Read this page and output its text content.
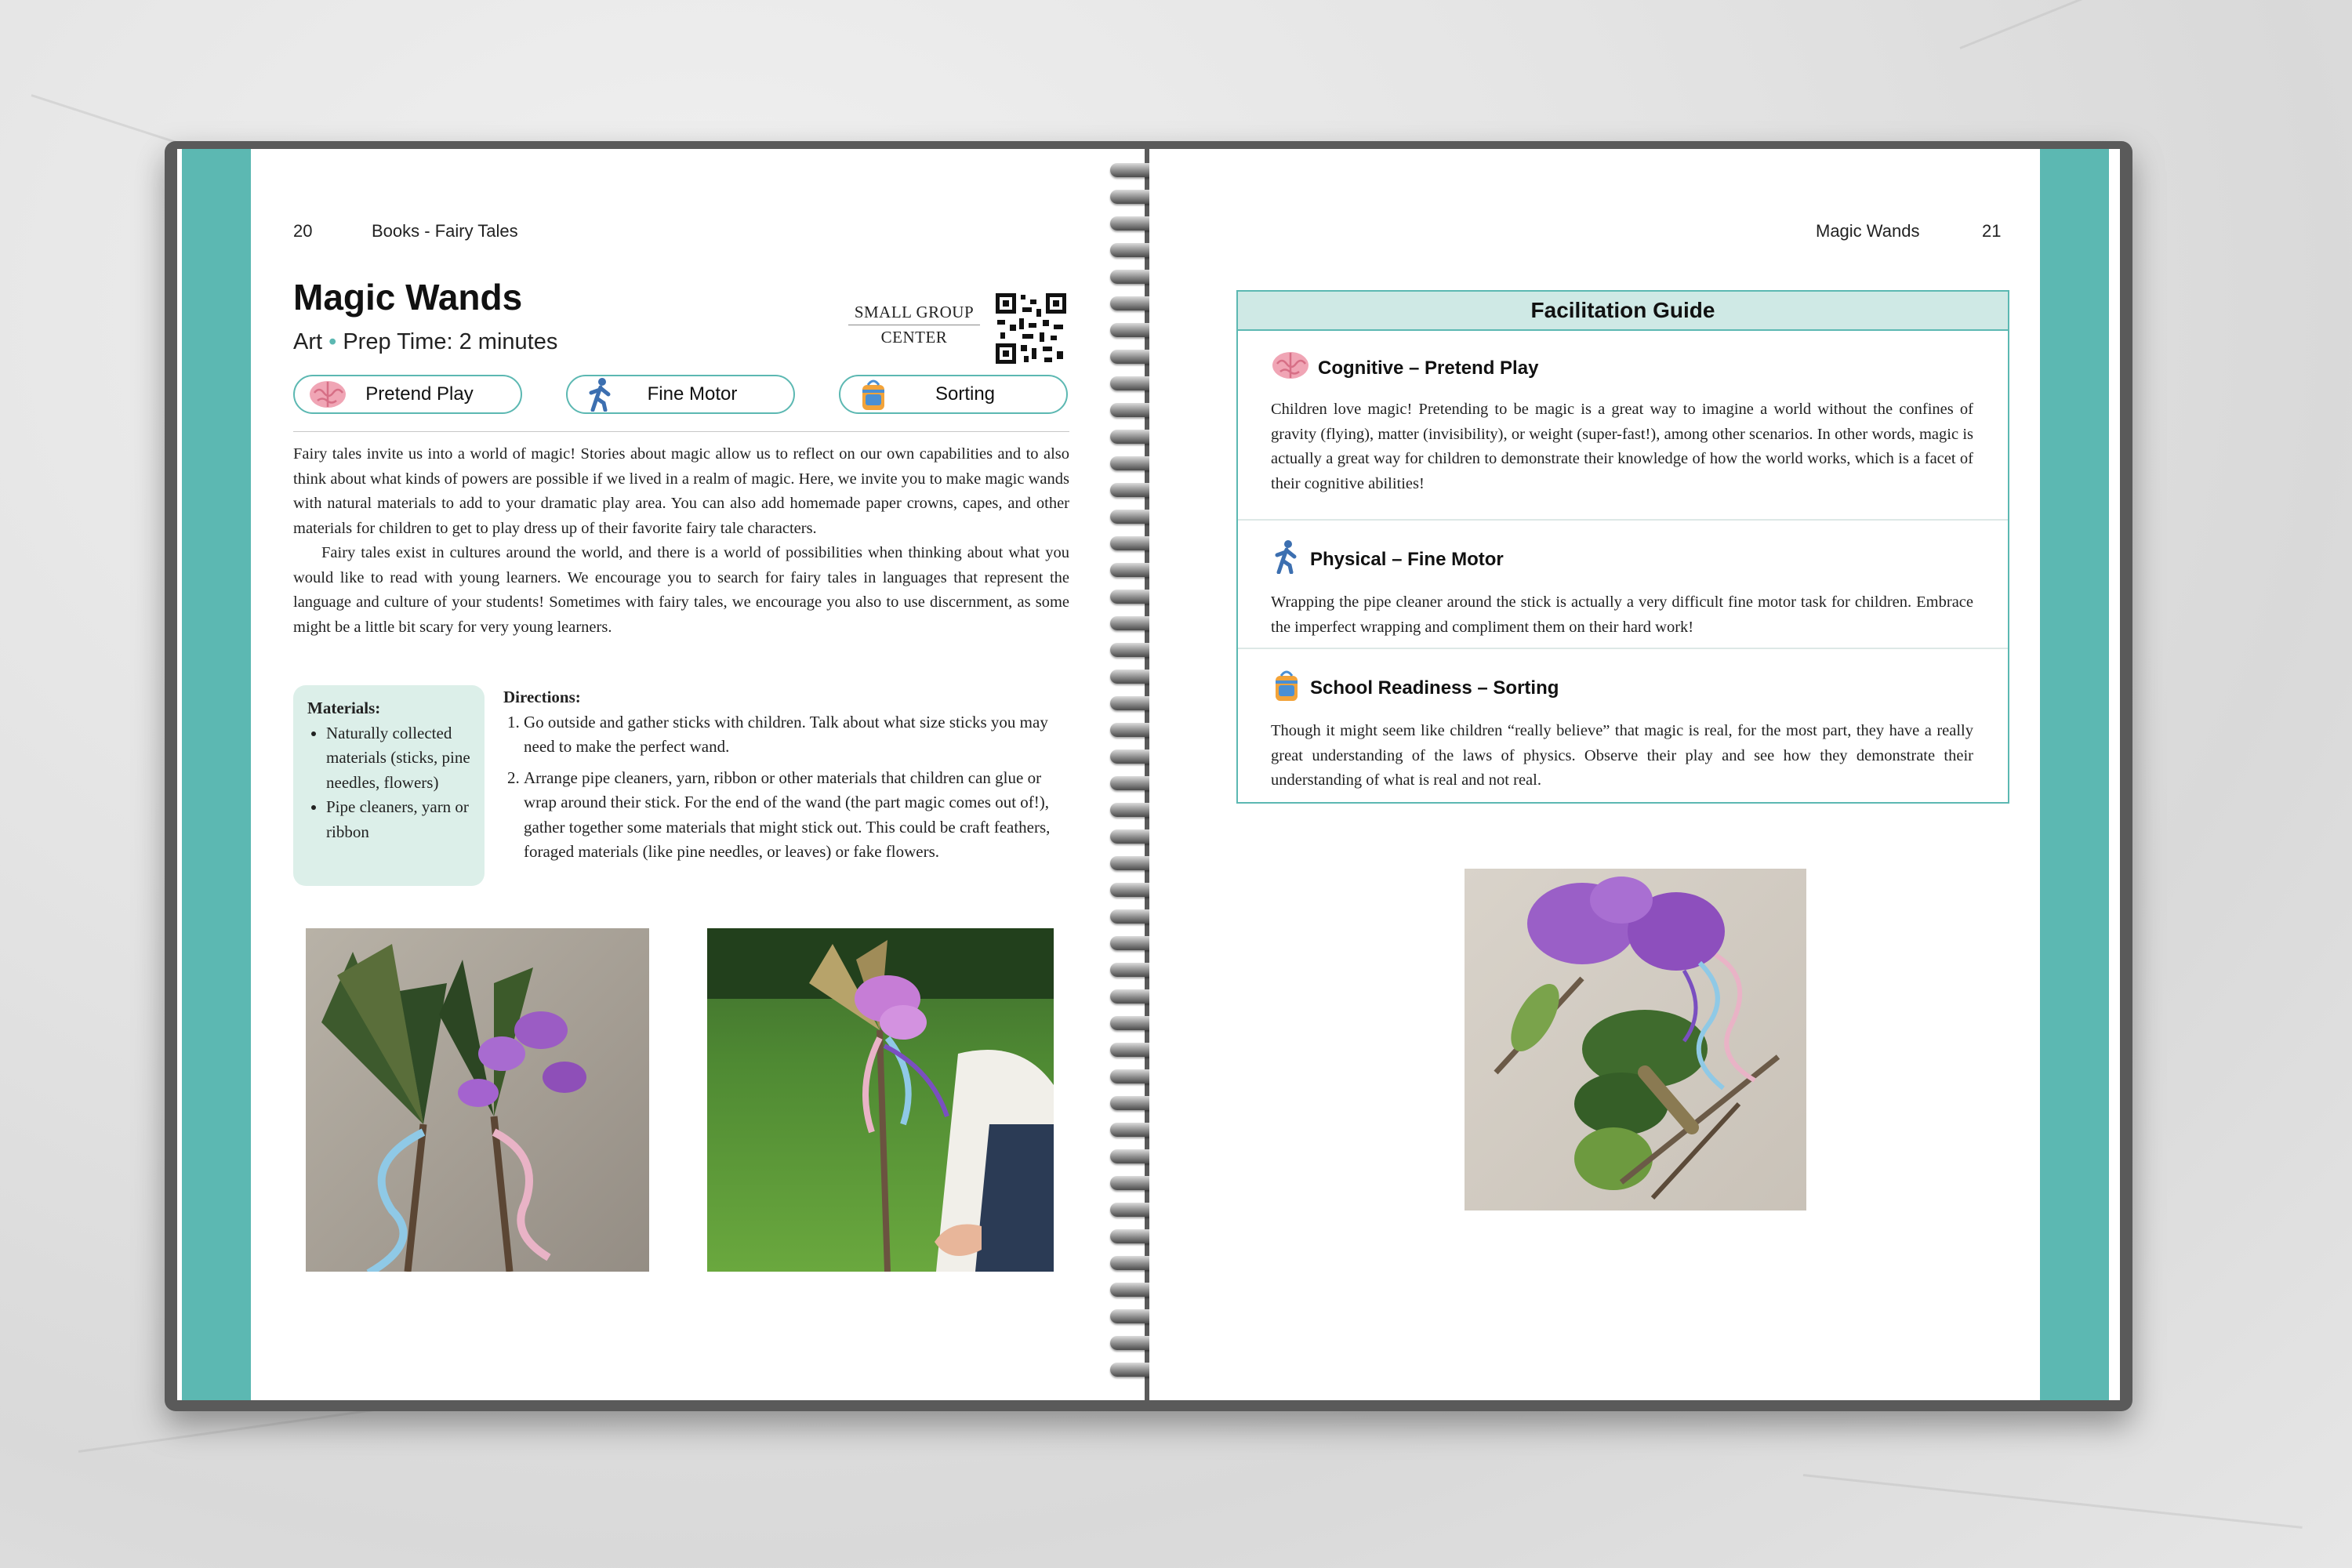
20	Books - Fairy Tales
Magic Wands
Art • Prep Time: 2 minutes
SMALL GROUP
CENTER
Pretend Play	Fine Motor	Sorting

Fairy tales invite us into a world of magic! Stories about magic allow us to reflect on our own capabilities and to also think about what kinds of powers are possible if we lived in a realm of magic. Here, we invite you to make magic wands with natural materials to add to your dramatic play area. You can also add homemade paper crowns, capes, and other materials for children to get to play dress up of their favorite fairy tale characters.

Fairy tales exist in cultures around the world, and there is a world of possibilities when thinking about what you would like to read with young learners. We encourage you to search for fairy tales in languages that represent the language and culture of your students! Sometimes with fairy tales, we encourage you also to use discernment, as some might be a little bit scary for very young learners.

Materials:
• Naturally collected materials (sticks, pine needles, flowers)
• Pipe cleaners, yarn or ribbon
Directions:
1. Go outside and gather sticks with children. Talk about what size sticks you may need to make the perfect wand.
2. Arrange pipe cleaners, yarn, ribbon or other materials that children can glue or wrap around their stick. For the end of the wand (the part magic comes out of!), gather together some materials that might stick out. This could be craft feathers, foraged materials (like pine needles, or leaves) or fake flowers.
Magic Wands	21
Facilitation Guide
Cognitive – Pretend Play
Children love magic! Pretending to be magic is a great way to imagine a world without the confines of gravity (flying), matter (invisibility), or weight (super-fast!), among other scenarios. In other words, magic is actually a great way for children to demonstrate their knowledge of how the world works, which is a facet of their cognitive abilities!
Physical – Fine Motor
Wrapping the pipe cleaner around the stick is actually a very difficult fine motor task for children. Embrace the imperfect wrapping and compliment them on their hard work!
School Readiness – Sorting
Though it might seem like children “really believe” that magic is real, for the most part, they have a really great understanding of the laws of physics. Observe their play and see how they demonstrate their understanding of what is real and not real.
